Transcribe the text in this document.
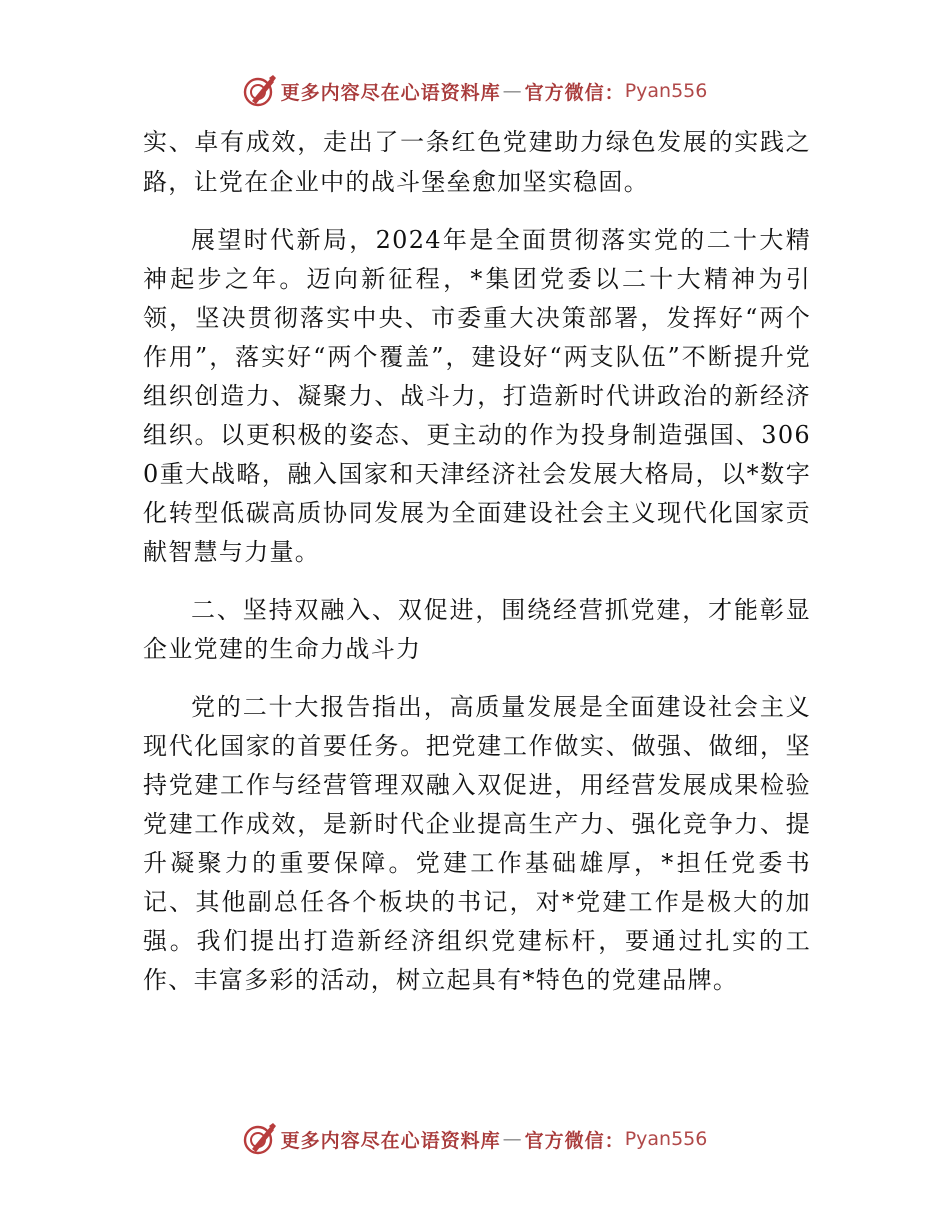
更多内容尽在心语资料库 — 官方微信： Pyan556

实、卓有成效，走出了一条红色党建助力绿色发展的实践之路，让党在企业中的战斗堡垒愈加坚实稳固。

展望时代新局，2024年是全面贯彻落实党的二十大精神起步之年。迈向新征程，*集团党委以二十大精神为引领，坚决贯彻落实中央、市委重大决策部署，发挥好“两个作用”，落实好“两个覆盖”，建设好“两支队伍”不断提升党组织创造力、凝聚力、战斗力，打造新时代讲政治的新经济组织。以更积极的姿态、更主动的作为投身制造强国、3060重大战略，融入国家和天津经济社会发展大格局，以*数字化转型低碳高质协同发展为全面建设社会主义现代化国家贡献智慧与力量。

二、坚持双融入、双促进，围绕经营抓党建，才能彰显企业党建的生命力战斗力

党的二十大报告指出，高质量发展是全面建设社会主义现代化国家的首要任务。把党建工作做实、做强、做细，坚持党建工作与经营管理双融入双促进，用经营发展成果检验党建工作成效，是新时代企业提高生产力、强化竞争力、提升凝聚力的重要保障。党建工作基础雄厚，*担任党委书记、其他副总任各个板块的书记，对*党建工作是极大的加强。我们提出打造新经济组织党建标杆，要通过扎实的工作、丰富多彩的活动，树立起具有*特色的党建品牌。

更多内容尽在心语资料库 — 官方微信： Pyan556
